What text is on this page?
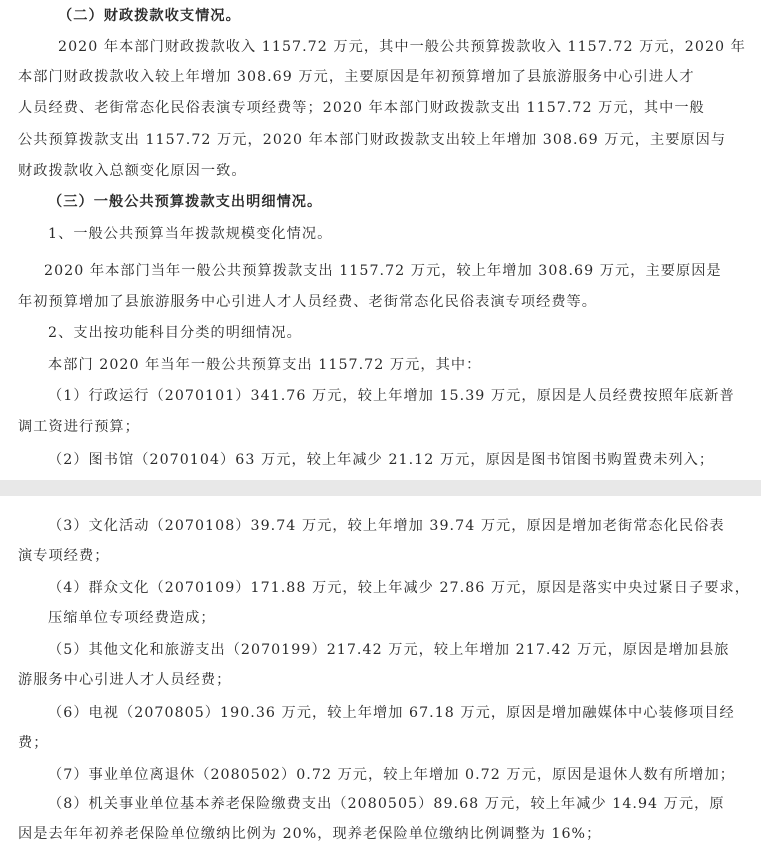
（二）财政拨款收支情况。
2020 年本部门财政拨款收入 1157.72 万元，其中一般公共预算拨款收入 1157.72 万元，2020 年
本部门财政拨款收入较上年增加 308.69 万元，主要原因是年初预算增加了县旅游服务中心引进人才
人员经费、老街常态化民俗表演专项经费等；2020 年本部门财政拨款支出 1157.72 万元，其中一般
公共预算拨款支出 1157.72 万元，2020 年本部门财政拨款支出较上年增加 308.69 万元，主要原因与
财政拨款收入总额变化原因一致。
（三）一般公共预算拨款支出明细情况。
1、一般公共预算当年拨款规模变化情况。
2020 年本部门当年一般公共预算拨款支出 1157.72 万元，较上年增加 308.69 万元，主要原因是
年初预算增加了县旅游服务中心引进人才人员经费、老街常态化民俗表演专项经费等。
2、支出按功能科目分类的明细情况。
本部门 2020 年当年一般公共预算支出 1157.72 万元，其中：
（1）行政运行（2070101）341.76 万元，较上年增加 15.39 万元，原因是人员经费按照年底新普
调工资进行预算；
（2）图书馆（2070104）63 万元，较上年减少 21.12 万元，原因是图书馆图书购置费未列入；
（3）文化活动（2070108）39.74 万元，较上年增加 39.74 万元，原因是增加老街常态化民俗表
演专项经费；
（4）群众文化（2070109）171.88 万元，较上年减少 27.86 万元，原因是落实中央过紧日子要求，
压缩单位专项经费造成；
（5）其他文化和旅游支出（2070199）217.42 万元，较上年增加 217.42 万元，原因是增加县旅
游服务中心引进人才人员经费；
（6）电视（2070805）190.36 万元，较上年增加 67.18 万元，原因是增加融媒体中心装修项目经
费；
（7）事业单位离退休（2080502）0.72 万元，较上年增加 0.72 万元，原因是退休人数有所增加；
（8）机关事业单位基本养老保险缴费支出（2080505）89.68 万元，较上年减少 14.94 万元，原
因是去年年初养老保险单位缴纳比例为 20%，现养老保险单位缴纳比例调整为 16%；
